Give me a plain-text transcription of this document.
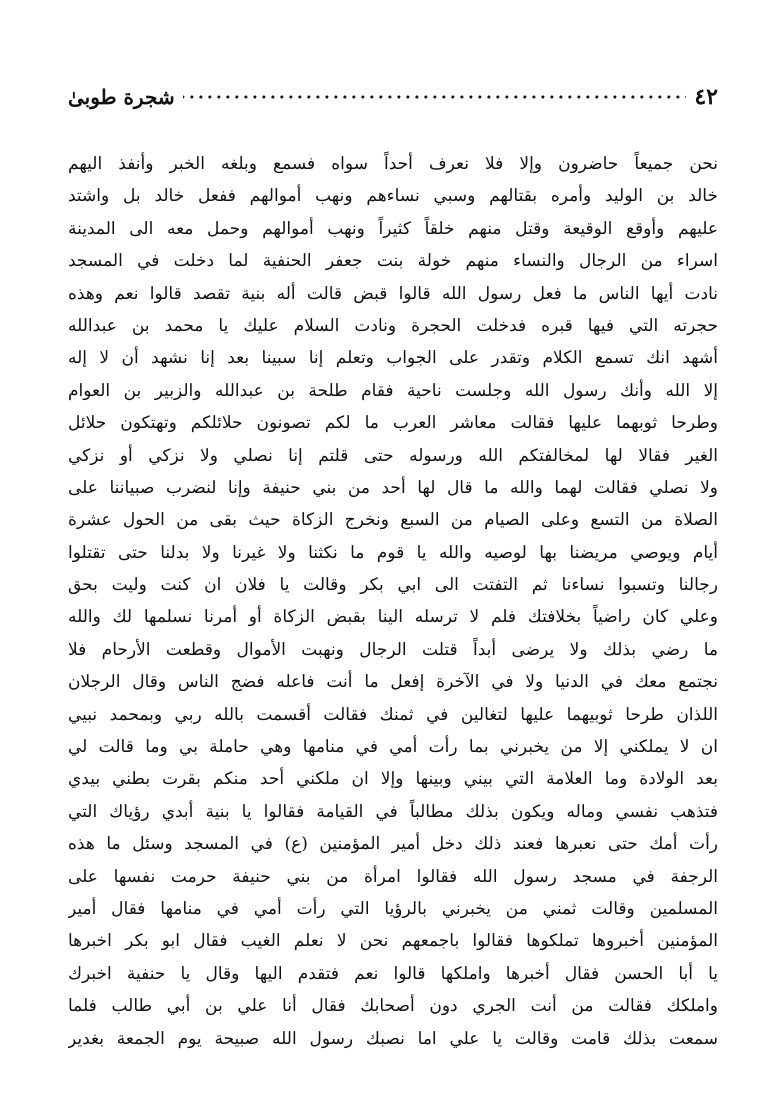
٤٢
شجرة طوبیٰ
نحن جميعاً حاضرون وإلا فلا نعرف أحداً سواه فسمع وبلغه الخبر وأنفذ اليهم
خالد بن الوليد وأمره بقتالهم وسبي نساءهم ونهب أموالهم ففعل خالد بل واشتد
عليهم وأوقع الوقيعة وقتل منهم خلقاً كثيراً ونهب أموالهم وحمل معه الى المدينة
اسراء من الرجال والنساء منهم خولة بنت جعفر الحنفية لما دخلت في المسجد
نادت أيها الناس ما فعل رسول الله قالوا قبض قالت أله بنية تقصد قالوا نعم وهذه
حجرته التي فيها قبره فدخلت الحجرة ونادت السلام عليك يا محمد بن عبدالله
أشهد انك تسمع الكلام وتقدر على الجواب وتعلم إنا سبينا بعد إنا نشهد أن لا إله
إلا الله وأنك رسول الله وجلست ناحية فقام طلحة بن عبدالله والزبير بن العوام
وطرحا ثوبهما عليها فقالت معاشر العرب ما لكم تصونون حلائلكم وتهتكون حلائل
الغير فقالا لها لمخالفتكم الله ورسوله حتى قلتم إنا نصلي ولا نزكي أو نزكي
ولا نصلي فقالت لهما والله ما قال لها أحد من بني حنيفة وإنا لنضرب صبياننا على
الصلاة من التسع وعلى الصيام من السبع ونخرج الزكاة حيث بقى من الحول عشرة
أيام ويوصي مريضنا بها لوصيه والله يا قوم ما نكثنا ولا غيرنا ولا بدلنا حتى تقتلوا
رجالنا وتسبوا نساءنا ثم التفتت الى ابي بكر وقالت يا فلان ان كنت وليت بحق
وعلي كان راضياً بخلافتك فلم لا ترسله الينا بقبض الزكاة أو أمرنا نسلمها لك والله
ما رضي بذلك ولا يرضى أبداً قتلت الرجال ونهبت الأموال وقطعت الأرحام فلا
نجتمع معك في الدنيا ولا في الآخرة إفعل ما أنت فاعله فضج الناس وقال الرجلان
اللذان طرحا ثوبيهما عليها لتغالين في ثمنك فقالت أقسمت بالله ربي وبمحمد نبيي
ان لا يملكني إلا من يخبرني بما رأت أمي في منامها وهي حاملة بي وما قالت لي
بعد الولادة وما العلامة التي بيني وبينها وإلا ان ملكني أحد منكم بقرت بطني بيدي
فتذهب نفسي وماله ويكون بذلك مطالباً في القيامة فقالوا يا بنية أبدي رؤياك التي
رأت أمك حتى نعبرها فعند ذلك دخل أمير المؤمنين (ع) في المسجد وسئل ما هذه
الرجفة في مسجد رسول الله فقالوا امرأة من بني حنيفة حرمت نفسها على
المسلمين وقالت ثمني من يخبرني بالرؤيا التي رأت أمي في منامها فقال أمير
المؤمنين أخبروها تملكوها فقالوا باجمعهم نحن لا نعلم الغيب فقال ابو بكر اخبرها
يا أبا الحسن فقال أخبرها واملكها قالوا نعم فتقدم اليها وقال يا حنفية اخبرك
واملكك فقالت من أنت الجري دون أصحابك فقال أنا علي بن أبي طالب فلما
سمعت بذلك قامت وقالت يا علي اما نصبك رسول الله صبيحة يوم الجمعة بغدير
